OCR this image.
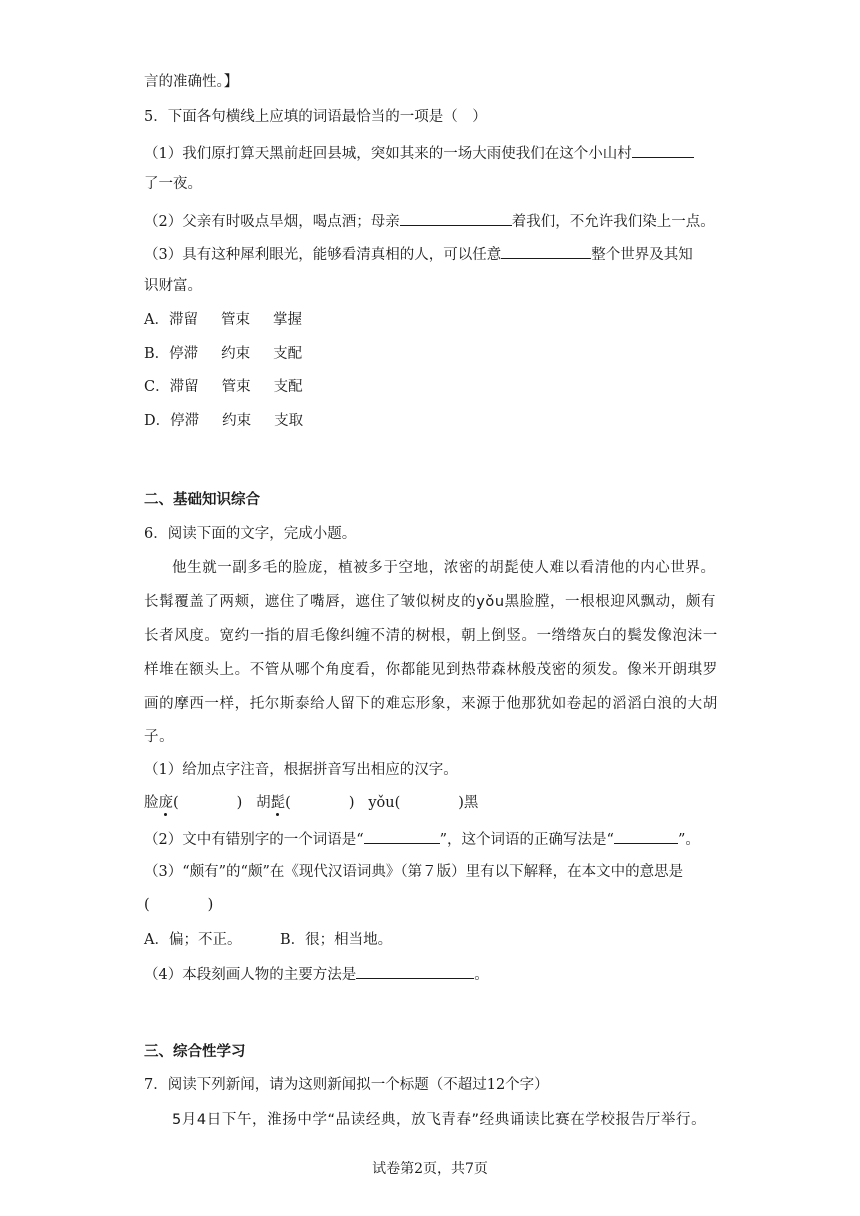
言的准确性。】
5．下面各句横线上应填的词语最恰当的一项是（　）
（1）我们原打算天黑前赶回县城，突如其来的一场大雨使我们在这个小山村
了一夜。
（2）父亲有时吸点旱烟，喝点酒；母亲	着我们，不允许我们染上一点。
（3）具有这种犀利眼光，能够看清真相的人，可以任意	整个世界及其知
识财富。
A．滞留 管束 掌握
B．停滞 约束 支配
C．滞留 管束 支配
D．停滞 约束 支取
二、基础知识综合
6．阅读下面的文字，完成小题。
他生就一副多毛的脸庞，植被多于空地，浓密的胡髭使人难以看清他的内心世界。
长髯覆盖了两颊，遮住了嘴唇，遮住了皱似树皮的yǒu黑脸膛，一根根迎风飘动，颇有
长者风度。宽约一指的眉毛像纠缠不清的树根，朝上倒竖。一绺绺灰白的鬓发像泡沫一
样堆在额头上。不管从哪个角度看，你都能见到热带森林般茂密的须发。像米开朗琪罗
画的摩西一样，托尔斯泰给人留下的难忘形象，来源于他那犹如卷起的滔滔白浪的大胡
子。
（1）给加点字注音，根据拼音写出相应的汉字。
脸庞(　　　　) 胡髭(　　　　) yǒu(　　　　)黑
（2）文中有错别字的一个词语是“	”，这个词语的正确写法是“	”。
（3）“颇有”的“颇”在《现代汉语词典》（第７版）里有以下解释，在本文中的意思是
(　　　　)
A．偏；不正。	B．很；相当地。
（4）本段刻画人物的主要方法是	。
三、综合性学习
7．阅读下列新闻，请为这则新闻拟一个标题（不超过12个字）
5月4日下午，淮扬中学“品读经典，放飞青春”经典诵读比赛在学校报告厅举行。
试卷第2页，共7页
